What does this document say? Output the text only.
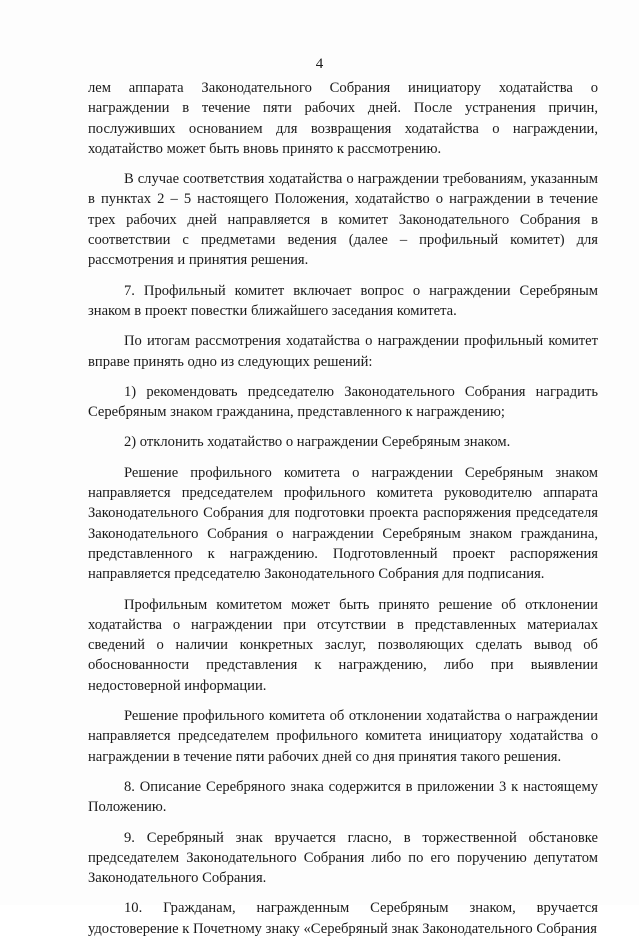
4

лем аппарата Законодательного Собрания инициатору ходатайства о награждении в течение пяти рабочих дней. После устранения причин, послуживших основанием для возвращения ходатайства о награждении, ходатайство может быть вновь принято к рассмотрению.

В случае соответствия ходатайства о награждении требованиям, указанным в пунктах 2 – 5 настоящего Положения, ходатайство о награждении в течение трех рабочих дней направляется в комитет Законодательного Собрания в соответствии с предметами ведения (далее – профильный комитет) для рассмотрения и принятия решения.

7. Профильный комитет включает вопрос о награждении Серебряным знаком в проект повестки ближайшего заседания комитета.

По итогам рассмотрения ходатайства о награждении профильный комитет вправе принять одно из следующих решений:

1) рекомендовать председателю Законодательного Собрания наградить Серебряным знаком гражданина, представленного к награждению;

2) отклонить ходатайство о награждении Серебряным знаком.

Решение профильного комитета о награждении Серебряным знаком направляется председателем профильного комитета руководителю аппарата Законодательного Собрания для подготовки проекта распоряжения председателя Законодательного Собрания о награждении Серебряным знаком гражданина, представленного к награждению. Подготовленный проект распоряжения направляется председателю Законодательного Собрания для подписания.

Профильным комитетом может быть принято решение об отклонении ходатайства о награждении при отсутствии в представленных материалах сведений о наличии конкретных заслуг, позволяющих сделать вывод об обоснованности представления к награждению, либо при выявлении недостоверной информации.

Решение профильного комитета об отклонении ходатайства о награждении направляется председателем профильного комитета инициатору ходатайства о награждении в течение пяти рабочих дней со дня принятия такого решения.

8. Описание Серебряного знака содержится в приложении 3 к настоящему Положению.

9. Серебряный знак вручается гласно, в торжественной обстановке председателем Законодательного Собрания либо по его поручению депутатом Законодательного Собрания.

10. Гражданам, награжденным Серебряным знаком, вручается удостоверение к Почетному знаку «Серебряный знак Законодательного Собрания
